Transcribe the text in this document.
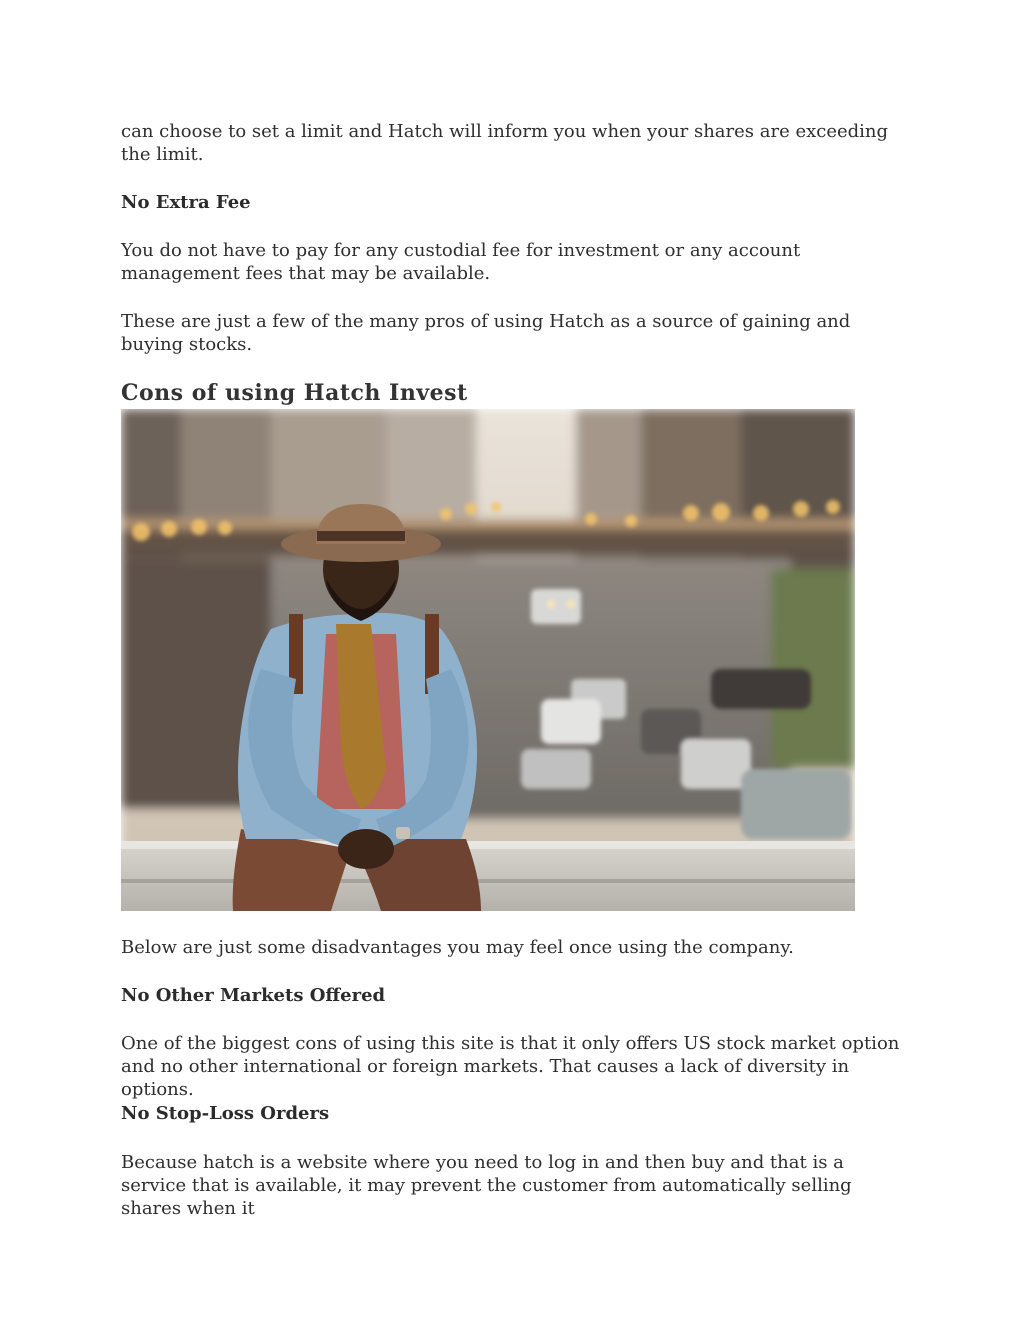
can choose to set a limit and Hatch will inform you when your shares are exceeding the limit.

No Extra Fee

You do not have to pay for any custodial fee for investment or any account management fees that may be available.

These are just a few of the many pros of using Hatch as a source of gaining and buying stocks.

Cons of using Hatch Invest

Below are just some disadvantages you may feel once using the company.

No Other Markets Offered

One of the biggest cons of using this site is that it only offers US stock market option and no other international or foreign markets. That causes a lack of diversity in options.

No Stop-Loss Orders

Because hatch is a website where you need to log in and then buy and that is a service that is available, it may prevent the customer from automatically selling shares when it
